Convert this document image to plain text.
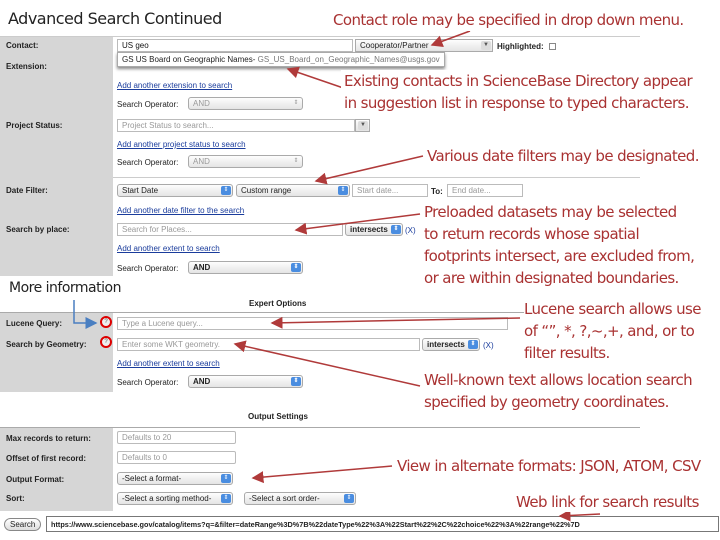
Advanced Search Continued
Contact:	US geo	Cooperator/Partner	▼ Highlighted:
GS US Board on Geographic Names- GS_US_Board_on_Geographic_Names@usgs.gov
Extension:
Add another extension to search
Search Operator:	AND	⇕
Project Status:	Project Status to search...	▼
Add another project status to search
Search Operator:	AND	⇕
Date Filter:	Start Date	⇕	Custom range	⇕	Start date...	To:	End date...
Add another date filter to the search
Search by place:	Search for Places...	intersects ⇕ (X)
Add another extent to search
Search Operator:	AND	⇕
More information
Expert Options
Lucene Query:	?	Type a Lucene query...
Search by Geometry:	?	Enter some WKT geometry.	intersects ⇕ (X)
Add another extent to search
Search Operator:	AND	⇕
Output Settings
Max records to return:	Defaults to 20
Offset of first record:	Defaults to 0
Output Format:	-Select a format-	⇕
Sort:	-Select a sorting method-	⇕	-Select a sort order-	⇕
Search	https://www.sciencebase.gov/catalog/items?q=&filter=dateRange%3D%7B%22dateType%22%3A%22Start%22%2C%22choice%22%3A%22range%22%7D
Contact role may be specified in drop down menu.
Existing contacts in ScienceBase Directory appear
in suggestion list in response to typed characters.
Various date filters may be designated.
Preloaded datasets may be selected
to return records whose spatial
footprints intersect, are excluded from,
or are within designated boundaries.
Lucene search allows use
of “”, *, ?,~,+, and, or to
filter results.
Well-known text allows location search
specified by geometry coordinates.
View in alternate formats: JSON, ATOM, CSV
Web link for search results
